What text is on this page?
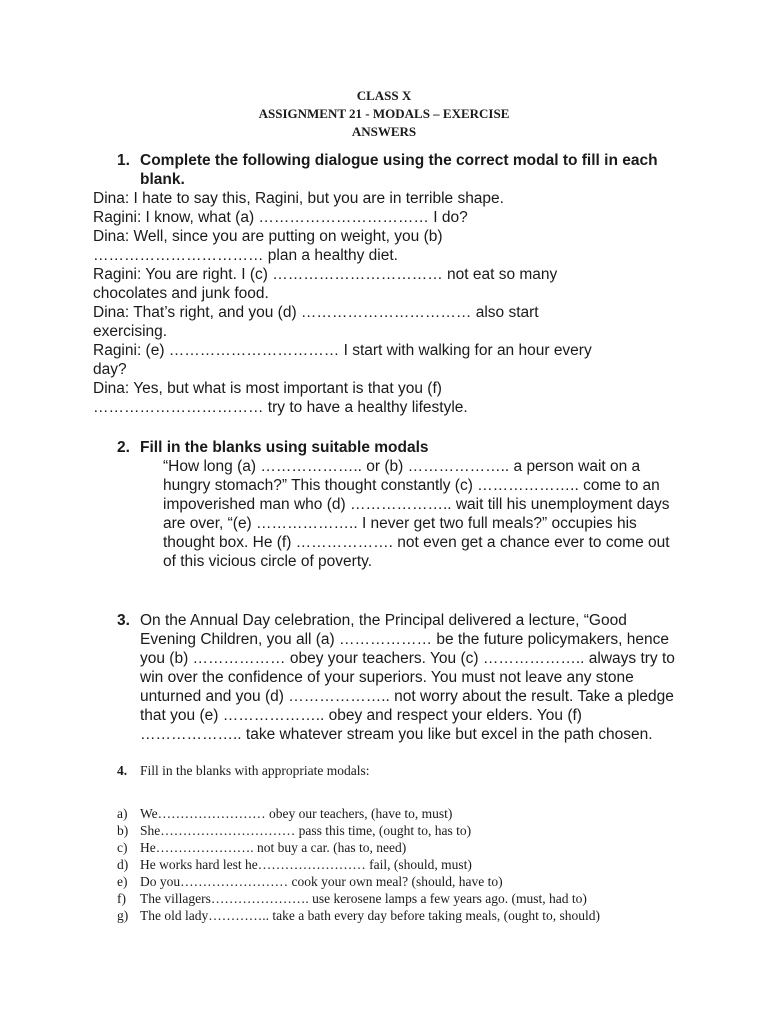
CLASS X
ASSIGNMENT 21 - MODALS – EXERCISE
ANSWERS
1. Complete the following dialogue using the correct modal to fill in each blank.
Dina: I hate to say this, Ragini, but you are in terrible shape.
Ragini: I know, what (a) …………………………… I do?
Dina: Well, since you are putting on weight, you (b)
…………………………… plan a healthy diet.
Ragini: You are right. I (c) …………………………… not eat so many
chocolates and junk food.
Dina: That’s right, and you (d) …………………………… also start
exercising.
Ragini: (e) …………………………… I start with walking for an hour every
day?
Dina: Yes, but what is most important is that you (f)
…………………………… try to have a healthy lifestyle.
2. Fill in the blanks using suitable modals
“How long (a) ……………….. or (b) ……………….. a person wait on a hungry stomach?” This thought constantly (c) ……………….. come to an impoverished man who (d) ……………….. wait till his unemployment days are over, “(e) ……………….. I never get two full meals?” occupies his thought box. He (f) ………………. not even get a chance ever to come out of this vicious circle of poverty.
3. On the Annual Day celebration, the Principal delivered a lecture, “Good Evening Children, you all (a) ……………… be the future policymakers, hence you (b) ……………… obey your teachers. You (c) ……………….. always try to win over the confidence of your superiors. You must not leave any stone unturned and you (d) ……………….. not worry about the result. Take a pledge that you (e) ……………….. obey and respect your elders. You (f) ……………….. take whatever stream you like but excel in the path chosen.
4. Fill in the blanks with appropriate modals:
a) We…………………… obey our teachers, (have to, must)
b) She………………………… pass this time, (ought to, has to)
c) He…………………. not buy a car. (has to, need)
d) He works hard lest he…………………… fail, (should, must)
e) Do you…………………… cook your own meal? (should, have to)
f) The villagers…………………. use kerosene lamps a few years ago. (must, had to)
g) The old lady………….. take a bath every day before taking meals, (ought to, should)
